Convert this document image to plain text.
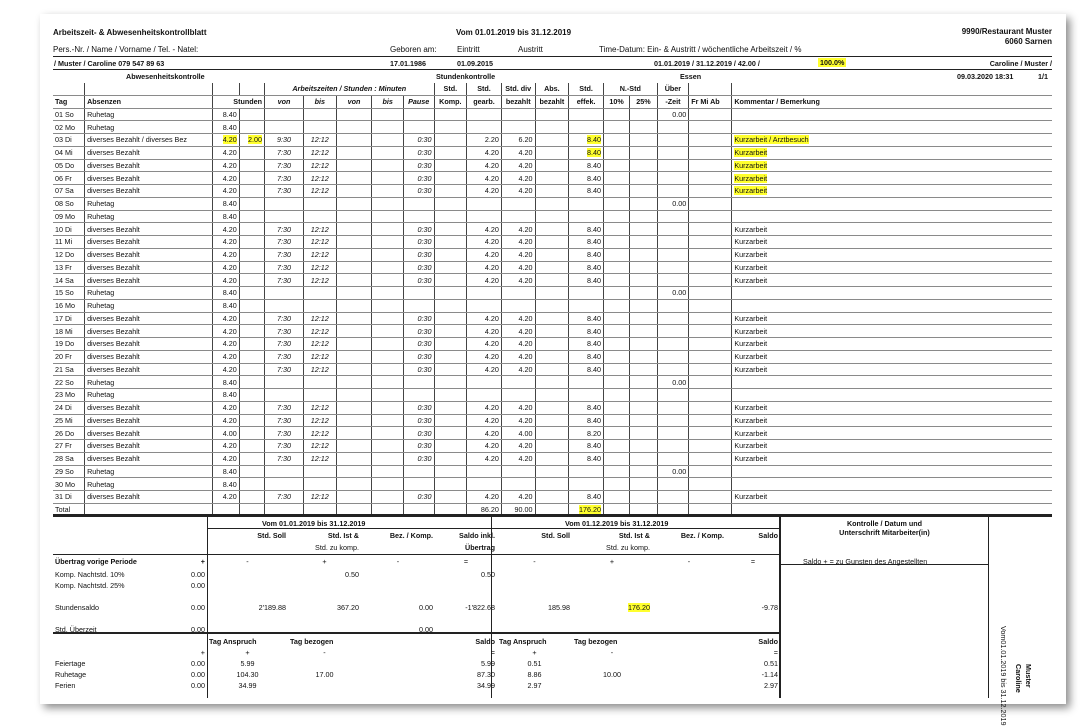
Arbeitszeit- & Abwesenheitskontrollblatt	Vom 01.01.2019 bis 31.12.2019	9990/Restaurant Muster
6060 Sarnen
Pers.-Nr. / Name / Vorname / Tel. - Natel:	Geboren am:	Eintritt	Austritt	Time-Datum: Ein- & Austritt / wöchentliche Arbeitszeit / %
/ Muster / Caroline 079 547 89 63	17.01.1986	01.09.2015	01.01.2019 / 31.12.2019 / 42.00 /	100.0%	Caroline / Muster /
Abwesenheitskontrolle	Stundenkontrolle	Essen	09.03.2020 18:31	1/1
				Arbeitszeiten / Stunden : Minuten					Std.	Std.	Std. div	Abs.	Std.	N.-Std		Über		
Tag	Absenzen	Stunden		von	bis	von	bis	Pause	Komp.	gearb.	bezahlt	bezahlt	effek.	10%	25%	-Zeit	Fr Mi Ab	Kommentar / Bemerkung
01 So	Ruhetag	8.40														0.00		
02 Mo	Ruhetag	8.40																
03 Di	diverses Bezahlt / diverses Bez	4.20	2.00	9:30	12:12			0:30		2.20	6.20		8.40					Kurzarbeit / Arztbesuch
04 Mi	diverses Bezahlt	4.20		7:30	12:12			0:30		4.20	4.20		8.40					Kurzarbeit
05 Do	diverses Bezahlt	4.20		7:30	12:12			0:30		4.20	4.20		8.40					Kurzarbeit
06 Fr	diverses Bezahlt	4.20		7:30	12:12			0:30		4.20	4.20		8.40					Kurzarbeit
07 Sa	diverses Bezahlt	4.20		7:30	12:12			0:30		4.20	4.20		8.40					Kurzarbeit
08 So	Ruhetag	8.40														0.00		
09 Mo	Ruhetag	8.40																
10 Di	diverses Bezahlt	4.20		7:30	12:12			0:30		4.20	4.20		8.40					Kurzarbeit
11 Mi	diverses Bezahlt	4.20		7:30	12:12			0:30		4.20	4.20		8.40					Kurzarbeit
12 Do	diverses Bezahlt	4.20		7:30	12:12			0:30		4.20	4.20		8.40					Kurzarbeit
13 Fr	diverses Bezahlt	4.20		7:30	12:12			0:30		4.20	4.20		8.40					Kurzarbeit
14 Sa	diverses Bezahlt	4.20		7:30	12:12			0:30		4.20	4.20		8.40					Kurzarbeit
15 So	Ruhetag	8.40														0.00		
16 Mo	Ruhetag	8.40																
17 Di	diverses Bezahlt	4.20		7:30	12:12			0:30		4.20	4.20		8.40					Kurzarbeit
18 Mi	diverses Bezahlt	4.20		7:30	12:12			0:30		4.20	4.20		8.40					Kurzarbeit
19 Do	diverses Bezahlt	4.20		7:30	12:12			0:30		4.20	4.20		8.40					Kurzarbeit
20 Fr	diverses Bezahlt	4.20		7:30	12:12			0:30		4.20	4.20		8.40					Kurzarbeit
21 Sa	diverses Bezahlt	4.20		7:30	12:12			0:30		4.20	4.20		8.40					Kurzarbeit
22 So	Ruhetag	8.40														0.00		
23 Mo	Ruhetag	8.40																
24 Di	diverses Bezahlt	4.20		7:30	12:12			0:30		4.20	4.20		8.40					Kurzarbeit
25 Mi	diverses Bezahlt	4.20		7:30	12:12			0:30		4.20	4.20		8.40					Kurzarbeit
26 Do	diverses Bezahlt	4.00		7:30	12:12			0:30		4.20	4.00		8.20					Kurzarbeit
27 Fr	diverses Bezahlt	4.20		7:30	12:12			0:30		4.20	4.20		8.40					Kurzarbeit
28 Sa	diverses Bezahlt	4.20		7:30	12:12			0:30		4.20	4.20		8.40					Kurzarbeit
29 So	Ruhetag	8.40														0.00		
30 Mo	Ruhetag	8.40																
31 Di	diverses Bezahlt	4.20		7:30	12:12			0:30		4.20	4.20		8.40					Kurzarbeit
Total										86.20	90.00		176.20					
Vom 01.01.2019 bis 31.12.2019	Vom 01.12.2019 bis 31.12.2019	Kontrolle / Datum und
Unterschrift Mitarbeiter(in)
Saldo + = zu Gunsten des Angestellten
		Std. Soll	Std. Ist &	Bez. / Komp.	Saldo inkl.	Std. Soll	Std. Ist &	Bez. / Komp.	Saldo
			Std. zu komp.		Übertrag		Std. zu komp.		
Übertrag vorige Periode	+	-	+	-	=	-	+	-	=
Komp. Nachtstd. 10%	0.00		0.50		0.50				
Komp. Nachtstd. 25%	0.00								

Stundensaldo	0.00	2'189.88	367.20	0.00	-1'822.68	185.98	176.20		-9.78

Std. Überzeit	0.00			0.00					
		Tag Anspruch	Tag bezogen		Saldo	Tag Anspruch	Tag bezogen		Saldo
	+	+	-		=	+	-		=
Feiertage	0.00	5.99			5.99	0.51			0.51
Ruhetage	0.00	104.30	17.00		87.30	8.86	10.00		-1.14
Ferien	0.00	34.99			34.99	2.97			2.97	Vom01.01.2019 bis 31.12.2019 Muster
Caroline
